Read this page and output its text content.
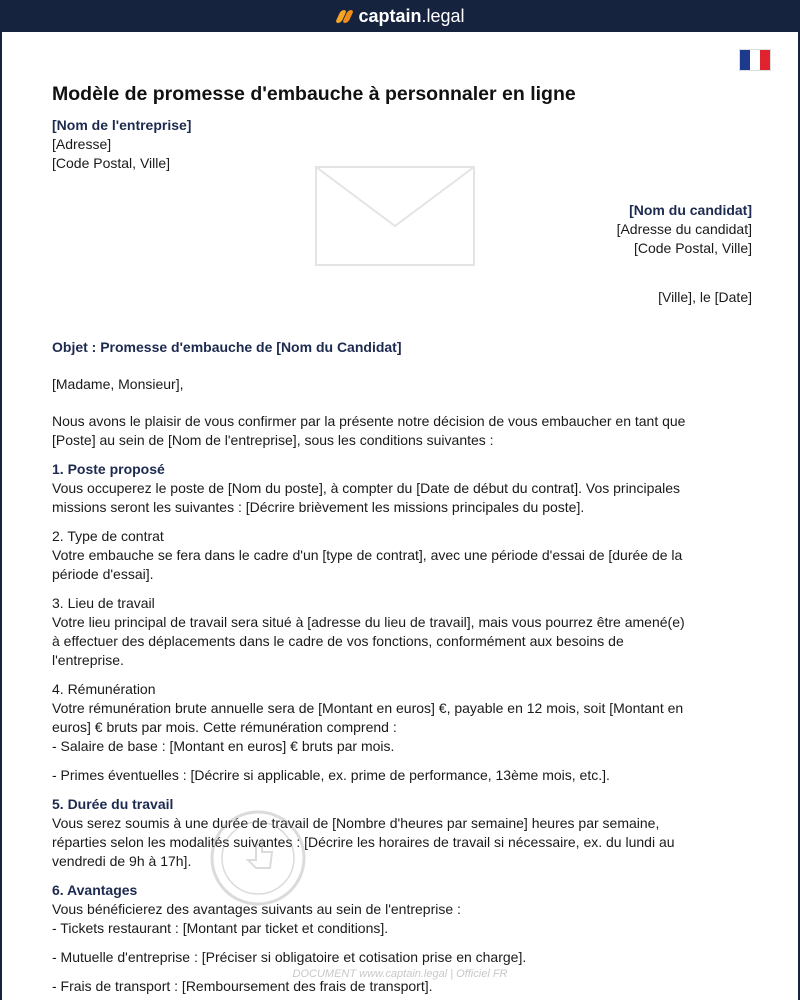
captain.legal
Modèle de promesse d'embauche à personnaler en ligne
[Nom de l'entreprise]
[Adresse]
[Code Postal, Ville]
[Nom du candidat]
[Adresse du candidat]
[Code Postal, Ville]
[Ville], le [Date]
Objet : Promesse d'embauche de [Nom du Candidat]
[Madame, Monsieur],
Nous avons le plaisir de vous confirmer par la présente notre décision de vous embaucher en tant que
[Poste] au sein de [Nom de l'entreprise], sous les conditions suivantes :
1. Poste proposé
Vous occuperez le poste de [Nom du poste], à compter du [Date de début du contrat]. Vos principales
missions seront les suivantes : [Décrire brièvement les missions principales du poste].
2. Type de contrat
Votre embauche se fera dans le cadre d'un [type de contrat], avec une période d'essai de [durée de la
période d'essai].
3. Lieu de travail
Votre lieu principal de travail sera situé à [adresse du lieu de travail], mais vous pourrez être amené(e)
à effectuer des déplacements dans le cadre de vos fonctions, conformément aux besoins de
l'entreprise.
4. Rémunération
Votre rémunération brute annuelle sera de [Montant en euros] €, payable en 12 mois, soit [Montant en
euros] € bruts par mois. Cette rémunération comprend :
- Salaire de base : [Montant en euros] € bruts par mois.
- Primes éventuelles : [Décrire si applicable, ex. prime de performance, 13ème mois, etc.].
5. Durée du travail
Vous serez soumis à une durée de travail de [Nombre d'heures par semaine] heures par semaine,
réparties selon les modalités suivantes : [Décrire les horaires de travail si nécessaire, ex. du lundi au
vendredi de 9h à 17h].
6. Avantages
Vous bénéficierez des avantages suivants au sein de l'entreprise :
- Tickets restaurant : [Montant par ticket et conditions].
- Mutuelle d'entreprise : [Préciser si obligatoire et cotisation prise en charge].
- Frais de transport : [Remboursement des frais de transport].
DOCUMENT www.captain.legal | Officiel FR
